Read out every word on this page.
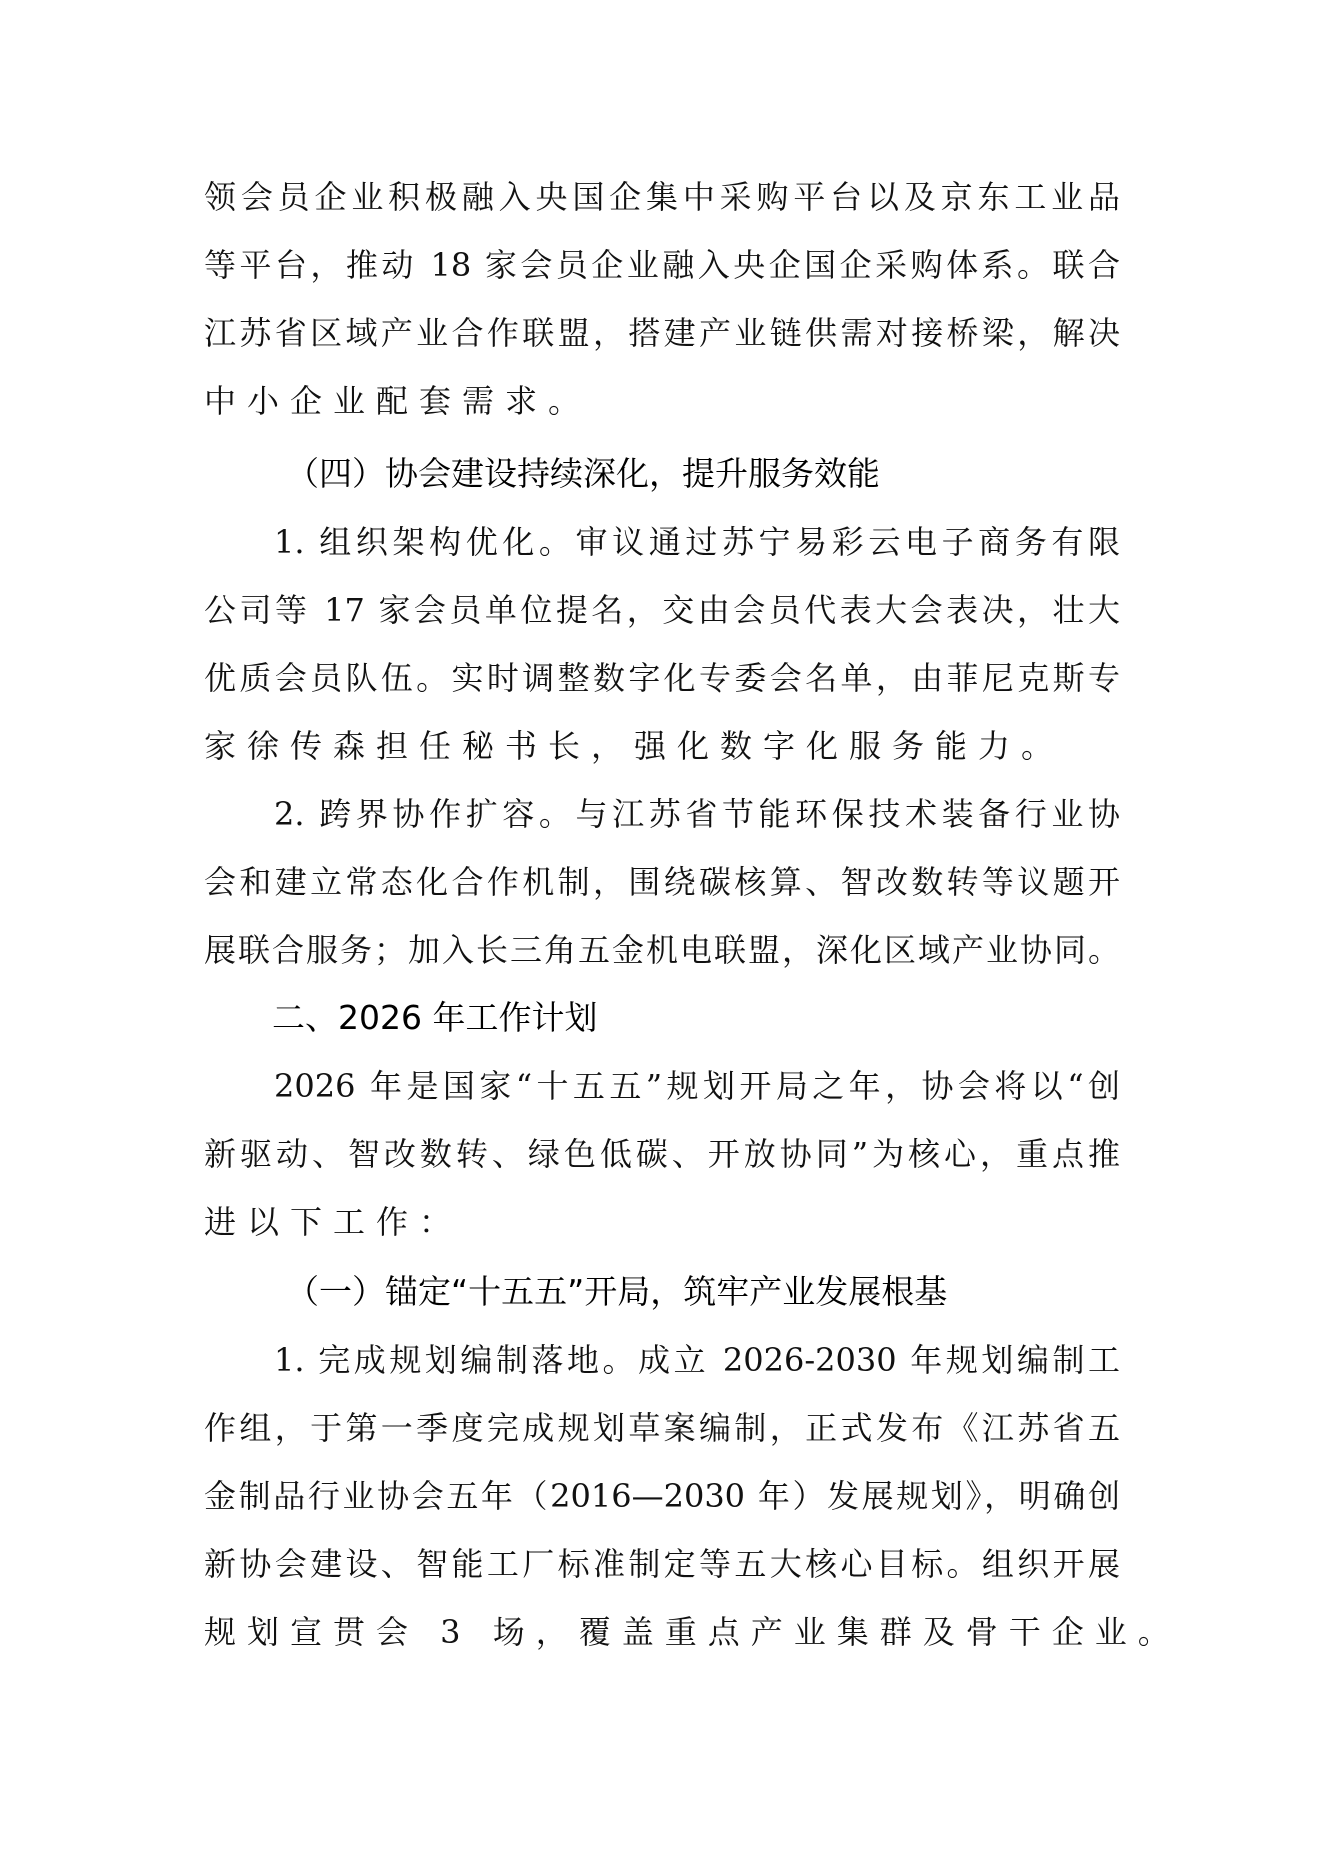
领会员企业积极融入央国企集中采购平台以及京东工业品
等平台，推动 18 家会员企业融入央企国企采购体系。联合
江苏省区域产业合作联盟，搭建产业链供需对接桥梁，解决
中小企业配套需求。
（四）协会建设持续深化，提升服务效能
1. 组织架构优化。审议通过苏宁易彩云电子商务有限
公司等 17 家会员单位提名，交由会员代表大会表决，壮大
优质会员队伍。实时调整数字化专委会名单，由菲尼克斯专
家徐传森担任秘书长，强化数字化服务能力。
2. 跨界协作扩容。与江苏省节能环保技术装备行业协
会和建立常态化合作机制，围绕碳核算、智改数转等议题开
展联合服务；加入长三角五金机电联盟，深化区域产业协同。
二、2026 年工作计划
2026 年是国家“十五五”规划开局之年，协会将以“创
新驱动、智改数转、绿色低碳、开放协同”为核心，重点推
进以下工作：
（一）锚定“十五五”开局，筑牢产业发展根基
1. 完成规划编制落地。成立 2026-2030 年规划编制工
作组，于第一季度完成规划草案编制，正式发布《江苏省五
金制品行业协会五年（2016—2030 年）发展规划》，明确创
新协会建设、智能工厂标准制定等五大核心目标。组织开展
规划宣贯会 3 场，覆盖重点产业集群及骨干企业。
